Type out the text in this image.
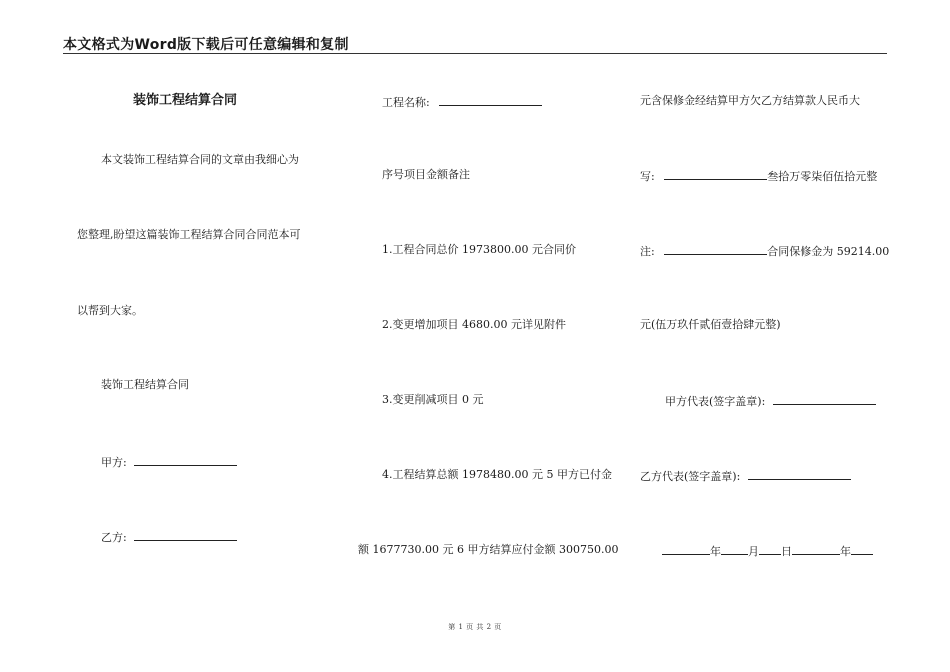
本文格式为Word版下载后可任意编辑和复制
装饰工程结算合同
本文装饰工程结算合同的文章由我细心为
您整理,盼望这篇装饰工程结算合同合同范本可
以帮到大家。
装饰工程结算合同
甲方:
乙方:
工程名称:
序号项目金额备注
1.工程合同总价 1973800.00 元合同价
2.变更增加项目 4680.00 元详见附件
3.变更削减项目 0 元
4.工程结算总额 1978480.00 元 5 甲方已付金
额 1677730.00 元 6 甲方结算应付金额 300750.00
元含保修金经结算甲方欠乙方结算款人民币大
写:	叁拾万零柒佰伍拾元整
注:	合同保修金为 59214.00
元(伍万玖仟贰佰壹拾肆元整)
甲方代表(签字盖章):
乙方代表(签字盖章):
年 月 日	年
第 1 页 共 2 页
